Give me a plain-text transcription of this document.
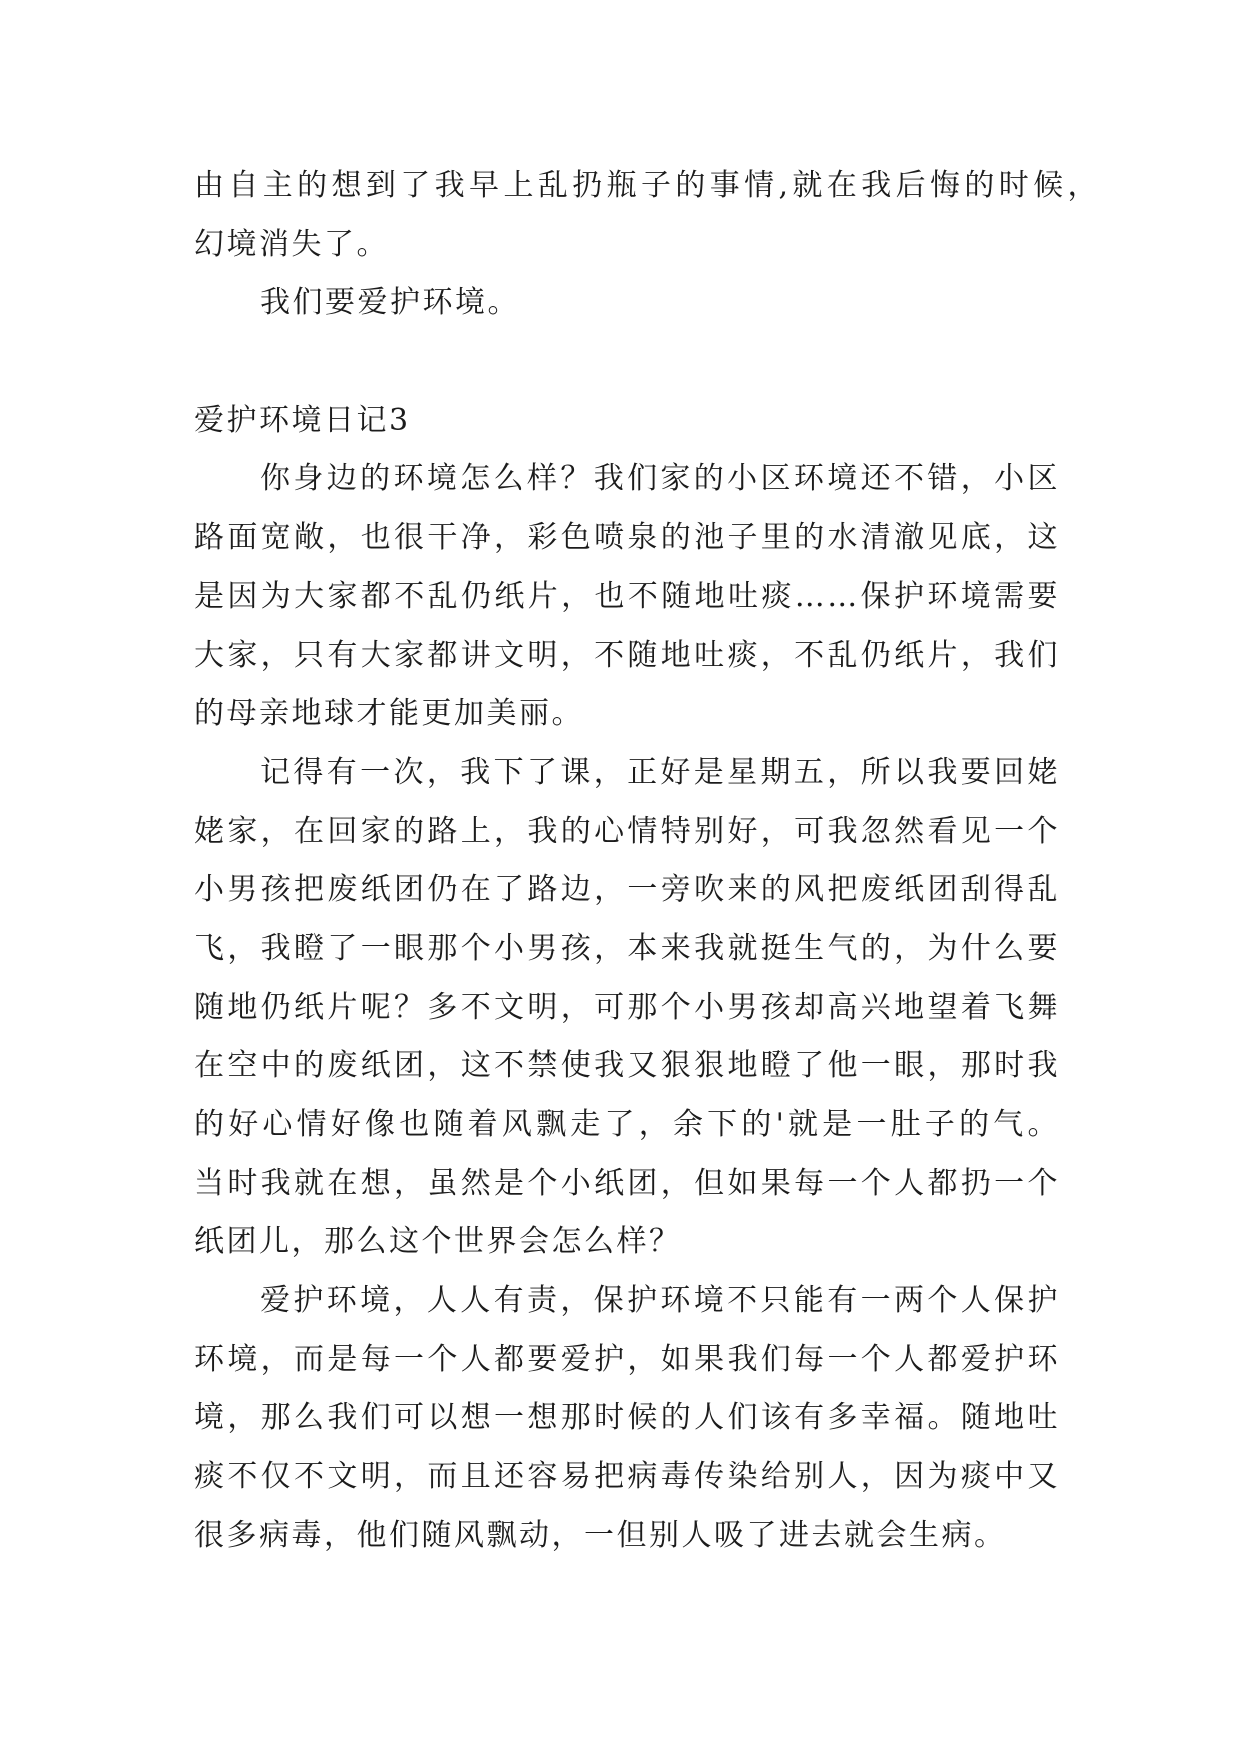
由自主的想到了我早上乱扔瓶子的事情,就在我后悔的时候，
幻境消失了。
我们要爱护环境。
爱护环境日记3
你身边的环境怎么样？我们家的小区环境还不错，小区
路面宽敞，也很干净，彩色喷泉的池子里的水清澈见底，这
是因为大家都不乱仍纸片，也不随地吐痰……保护环境需要
大家，只有大家都讲文明，不随地吐痰，不乱仍纸片，我们
的母亲地球才能更加美丽。
记得有一次，我下了课，正好是星期五，所以我要回姥
姥家，在回家的路上，我的心情特别好，可我忽然看见一个
小男孩把废纸团仍在了路边，一旁吹来的风把废纸团刮得乱
飞，我瞪了一眼那个小男孩，本来我就挺生气的，为什么要
随地仍纸片呢？多不文明，可那个小男孩却高兴地望着飞舞
在空中的废纸团，这不禁使我又狠狠地瞪了他一眼，那时我
的好心情好像也随着风飘走了，余下的'就是一肚子的气。
当时我就在想，虽然是个小纸团，但如果每一个人都扔一个
纸团儿，那么这个世界会怎么样？
爱护环境，人人有责，保护环境不只能有一两个人保护
环境，而是每一个人都要爱护，如果我们每一个人都爱护环
境，那么我们可以想一想那时候的人们该有多幸福。随地吐
痰不仅不文明，而且还容易把病毒传染给别人，因为痰中又
很多病毒，他们随风飘动，一但别人吸了进去就会生病。
